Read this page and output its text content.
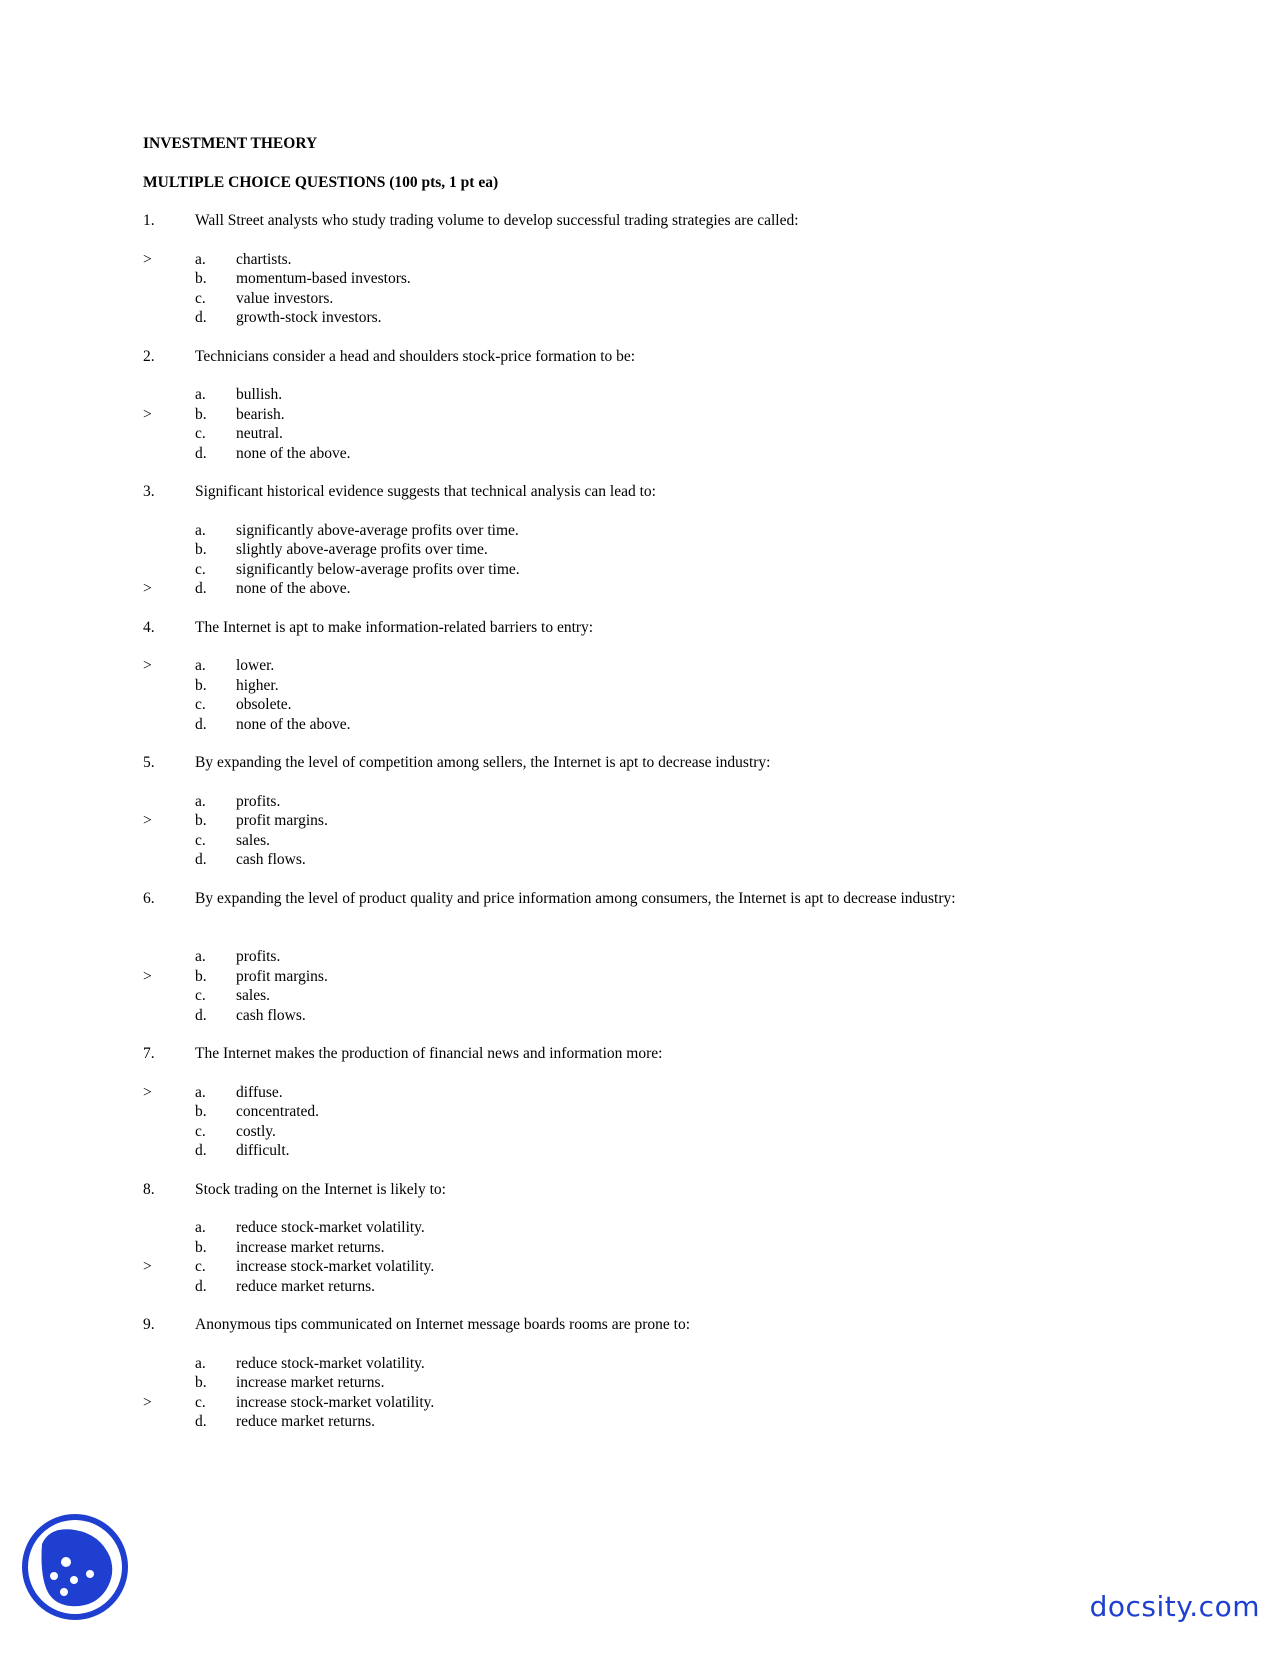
INVESTMENT THEORY
MULTIPLE CHOICE QUESTIONS (100 pts, 1 pt ea)
1.	Wall Street analysts who study trading volume to develop successful trading strategies are called:
>	a.	chartists.
b.	momentum-based investors.
c.	value investors.
d.	growth-stock investors.
2.	Technicians consider a head and shoulders stock-price formation to be:
a.	bullish.
>	b.	bearish.
c.	neutral.
d.	none of the above.
3.	Significant historical evidence suggests that technical analysis can lead to:
a.	significantly above-average profits over time.
b.	slightly above-average profits over time.
c.	significantly below-average profits over time.
>	d.	none of the above.
4.	The Internet is apt to make information-related barriers to entry:
>	a.	lower.
b.	higher.
c.	obsolete.
d.	none of the above.
5.	By expanding the level of competition among sellers, the Internet is apt to decrease industry:
a.	profits.
>	b.	profit margins.
c.	sales.
d.	cash flows.
6.	By expanding the level of product quality and price information among consumers, the Internet is apt to decrease industry:
a.	profits.
>	b.	profit margins.
c.	sales.
d.	cash flows.
7.	The Internet makes the production of financial news and information more:
>	a.	diffuse.
b.	concentrated.
c.	costly.
d.	difficult.
8.	Stock trading on the Internet is likely to:
a.	reduce stock-market volatility.
b.	increase market returns.
>	c.	increase stock-market volatility.
d.	reduce market returns.
9.	Anonymous tips communicated on Internet message boards rooms are prone to:
a.	reduce stock-market volatility.
b.	increase market returns.
>	c.	increase stock-market volatility.
d.	reduce market returns.
docsity.com
